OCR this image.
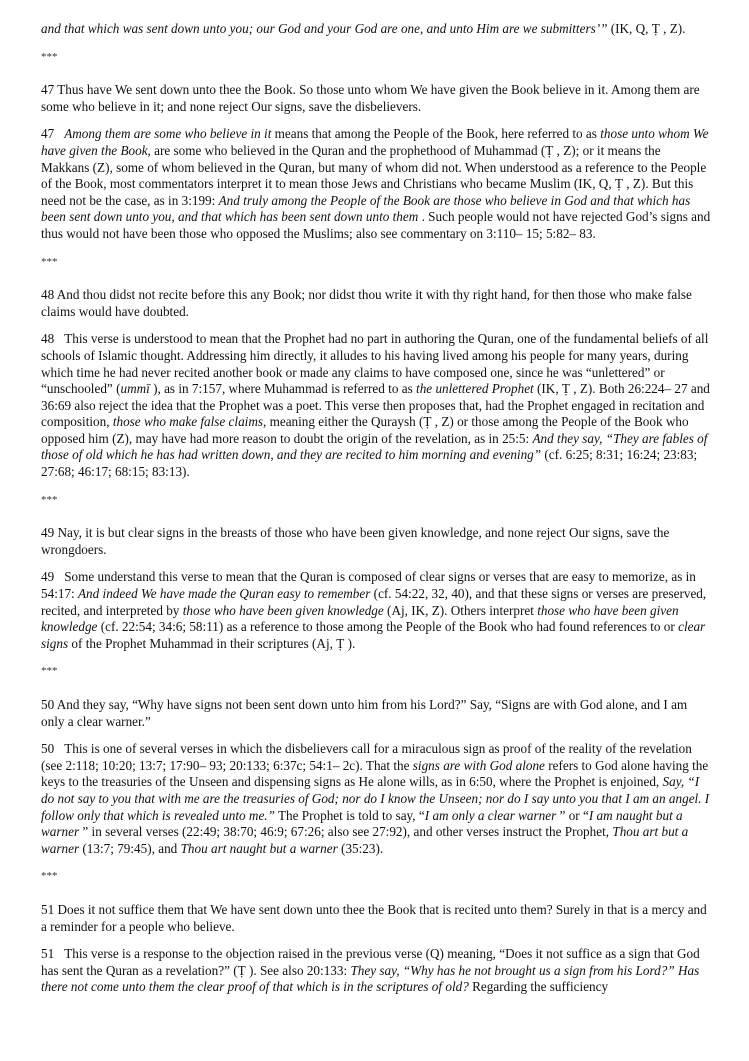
and that which was sent down unto you; our God and your God are one, and unto Him are we submitters’” (IK, Q, Ṭ , Z).

***

47 Thus have We sent down unto thee the Book. So those unto whom We have given the Book believe in it. Among them are some who believe in it; and none reject Our signs, save the disbelievers.

47 Among them are some who believe in it means that among the People of the Book, here referred to as those unto whom We have given the Book, are some who believed in the Quran and the prophethood of Muhammad (Ṭ , Z); or it means the Makkans (Z), some of whom believed in the Quran, but many of whom did not. When understood as a reference to the People of the Book, most commentators interpret it to mean those Jews and Christians who became Muslim (IK, Q, Ṭ , Z). But this need not be the case, as in 3:199: And truly among the People of the Book are those who believe in God and that which has been sent down unto you, and that which has been sent down unto them . Such people would not have rejected God’s signs and thus would not have been those who opposed the Muslims; also see commentary on 3:110– 15; 5:82– 83.

***

48 And thou didst not recite before this any Book; nor didst thou write it with thy right hand, for then those who make false claims would have doubted.

48 This verse is understood to mean that the Prophet had no part in authoring the Quran, one of the fundamental beliefs of all schools of Islamic thought. Addressing him directly, it alludes to his having lived among his people for many years, during which time he had never recited another book or made any claims to have composed one, since he was “unlettered” or “unschooled” (ummī ), as in 7:157, where Muhammad is referred to as the unlettered Prophet (IK, Ṭ , Z). Both 26:224– 27 and 36:69 also reject the idea that the Prophet was a poet. This verse then proposes that, had the Prophet engaged in recitation and composition, those who make false claims, meaning either the Quraysh (Ṭ , Z) or those among the People of the Book who opposed him (Z), may have had more reason to doubt the origin of the revelation, as in 25:5: And they say, “They are fables of those of old which he has had written down, and they are recited to him morning and evening” (cf. 6:25; 8:31; 16:24; 23:83; 27:68; 46:17; 68:15; 83:13).

***

49 Nay, it is but clear signs in the breasts of those who have been given knowledge, and none reject Our signs, save the wrongdoers.

49 Some understand this verse to mean that the Quran is composed of clear signs or verses that are easy to memorize, as in 54:17: And indeed We have made the Quran easy to remember (cf. 54:22, 32, 40), and that these signs or verses are preserved, recited, and interpreted by those who have been given knowledge (Aj, IK, Z). Others interpret those who have been given knowledge (cf. 22:54; 34:6; 58:11) as a reference to those among the People of the Book who had found references to or clear signs of the Prophet Muhammad in their scriptures (Aj, Ṭ ).

***

50 And they say, “Why have signs not been sent down unto him from his Lord?” Say, “Signs are with God alone, and I am only a clear warner.”

50 This is one of several verses in which the disbelievers call for a miraculous sign as proof of the reality of the revelation (see 2:118; 10:20; 13:7; 17:90– 93; 20:133; 6:37c; 54:1– 2c). That the signs are with God alone refers to God alone having the keys to the treasuries of the Unseen and dispensing signs as He alone wills, as in 6:50, where the Prophet is enjoined, Say, “I do not say to you that with me are the treasuries of God; nor do I know the Unseen; nor do I say unto you that I am an angel. I follow only that which is revealed unto me.” The Prophet is told to say, “I am only a clear warner ” or “I am naught but a warner ” in several verses (22:49; 38:70; 46:9; 67:26; also see 27:92), and other verses instruct the Prophet, Thou art but a warner (13:7; 79:45), and Thou art naught but a warner (35:23).

***

51 Does it not suffice them that We have sent down unto thee the Book that is recited unto them? Surely in that is a mercy and a reminder for a people who believe.

51 This verse is a response to the objection raised in the previous verse (Q) meaning, “Does it not suffice as a sign that God has sent the Quran as a revelation?” (Ṭ ). See also 20:133: They say, “Why has he not brought us a sign from his Lord?” Has there not come unto them the clear proof of that which is in the scriptures of old? Regarding the sufficiency
